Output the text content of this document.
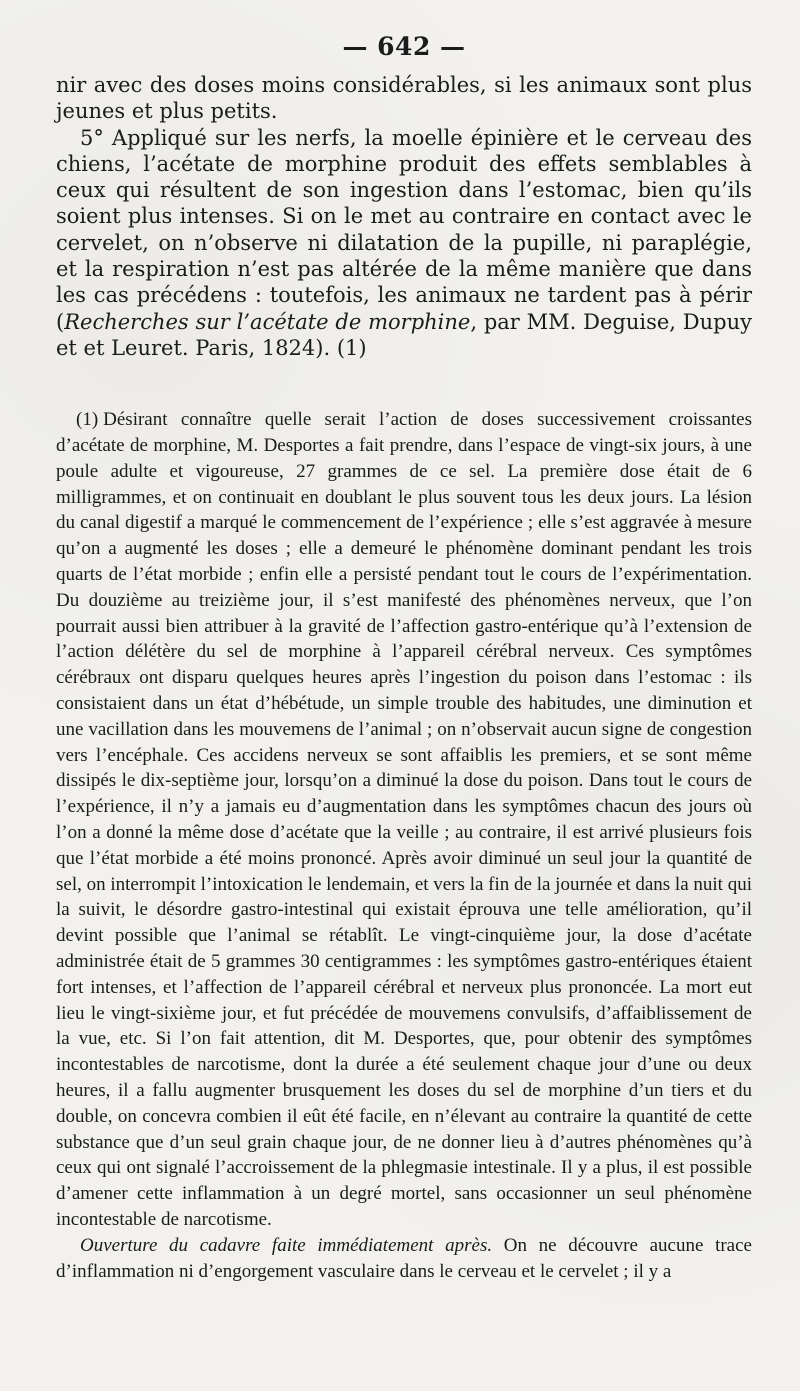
— 642 —

nir avec des doses moins considérables, si les animaux sont plus jeunes et plus petits.

5° Appliqué sur les nerfs, la moelle épinière et le cerveau des chiens, l’acétate de morphine produit des effets semblables à ceux qui résultent de son ingestion dans l’estomac, bien qu’ils soient plus intenses. Si on le met au contraire en contact avec le cervelet, on n’observe ni dilatation de la pupille, ni paraplégie, et la respiration n’est pas altérée de la même manière que dans les cas précédens : toutefois, les animaux ne tardent pas à périr (Recherches sur l’acétate de morphine, par MM. Deguise, Dupuy et et Leuret. Paris, 1824). (1)

(1) Désirant connaître quelle serait l’action de doses successivement croissantes d’acétate de morphine, M. Desportes a fait prendre, dans l’espace de vingt-six jours, à une poule adulte et vigoureuse, 27 grammes de ce sel. La première dose était de 6 milligrammes, et on continuait en doublant le plus souvent tous les deux jours. La lésion du canal digestif a marqué le commencement de l’expérience ; elle s’est aggravée à mesure qu’on a augmenté les doses ; elle a demeuré le phénomène dominant pendant les trois quarts de l’état morbide ; enfin elle a persisté pendant tout le cours de l’expérimentation. Du douzième au treizième jour, il s’est manifesté des phénomènes nerveux, que l’on pourrait aussi bien attribuer à la gravité de l’affection gastro-entérique qu’à l’extension de l’action délétère du sel de morphine à l’appareil cérébral nerveux. Ces symptômes cérébraux ont disparu quelques heures après l’ingestion du poison dans l’estomac : ils consistaient dans un état d’hébétude, un simple trouble des habitudes, une diminution et une vacillation dans les mouvemens de l’animal ; on n’observait aucun signe de congestion vers l’encéphale. Ces accidens nerveux se sont affaiblis les premiers, et se sont même dissipés le dix-septième jour, lorsqu’on a diminué la dose du poison. Dans tout le cours de l’expérience, il n’y a jamais eu d’augmentation dans les symptômes chacun des jours où l’on a donné la même dose d’acétate que la veille ; au contraire, il est arrivé plusieurs fois que l’état morbide a été moins prononcé. Après avoir diminué un seul jour la quantité de sel, on interrompit l’intoxication le lendemain, et vers la fin de la journée et dans la nuit qui la suivit, le désordre gastro-intestinal qui existait éprouva une telle amélioration, qu’il devint possible que l’animal se rétablît. Le vingt-cinquième jour, la dose d’acétate administrée était de 5 grammes 30 centigrammes : les symptômes gastro-entériques étaient fort intenses, et l’affection de l’appareil cérébral et nerveux plus prononcée. La mort eut lieu le vingt-sixième jour, et fut précédée de mouvemens convulsifs, d’affaiblissement de la vue, etc. Si l’on fait attention, dit M. Desportes, que, pour obtenir des symptômes incontestables de narcotisme, dont la durée a été seulement chaque jour d’une ou deux heures, il a fallu augmenter brusquement les doses du sel de morphine d’un tiers et du double, on concevra combien il eût été facile, en n’élevant au contraire la quantité de cette substance que d’un seul grain chaque jour, de ne donner lieu à d’autres phénomènes qu’à ceux qui ont signalé l’accroissement de la phlegmasie intestinale. Il y a plus, il est possible d’amener cette inflammation à un degré mortel, sans occasionner un seul phénomène incontestable de narcotisme.

Ouverture du cadavre faite immédiatement après. On ne découvre aucune trace d’inflammation ni d’engorgement vasculaire dans le cerveau et le cervelet ; il y a
